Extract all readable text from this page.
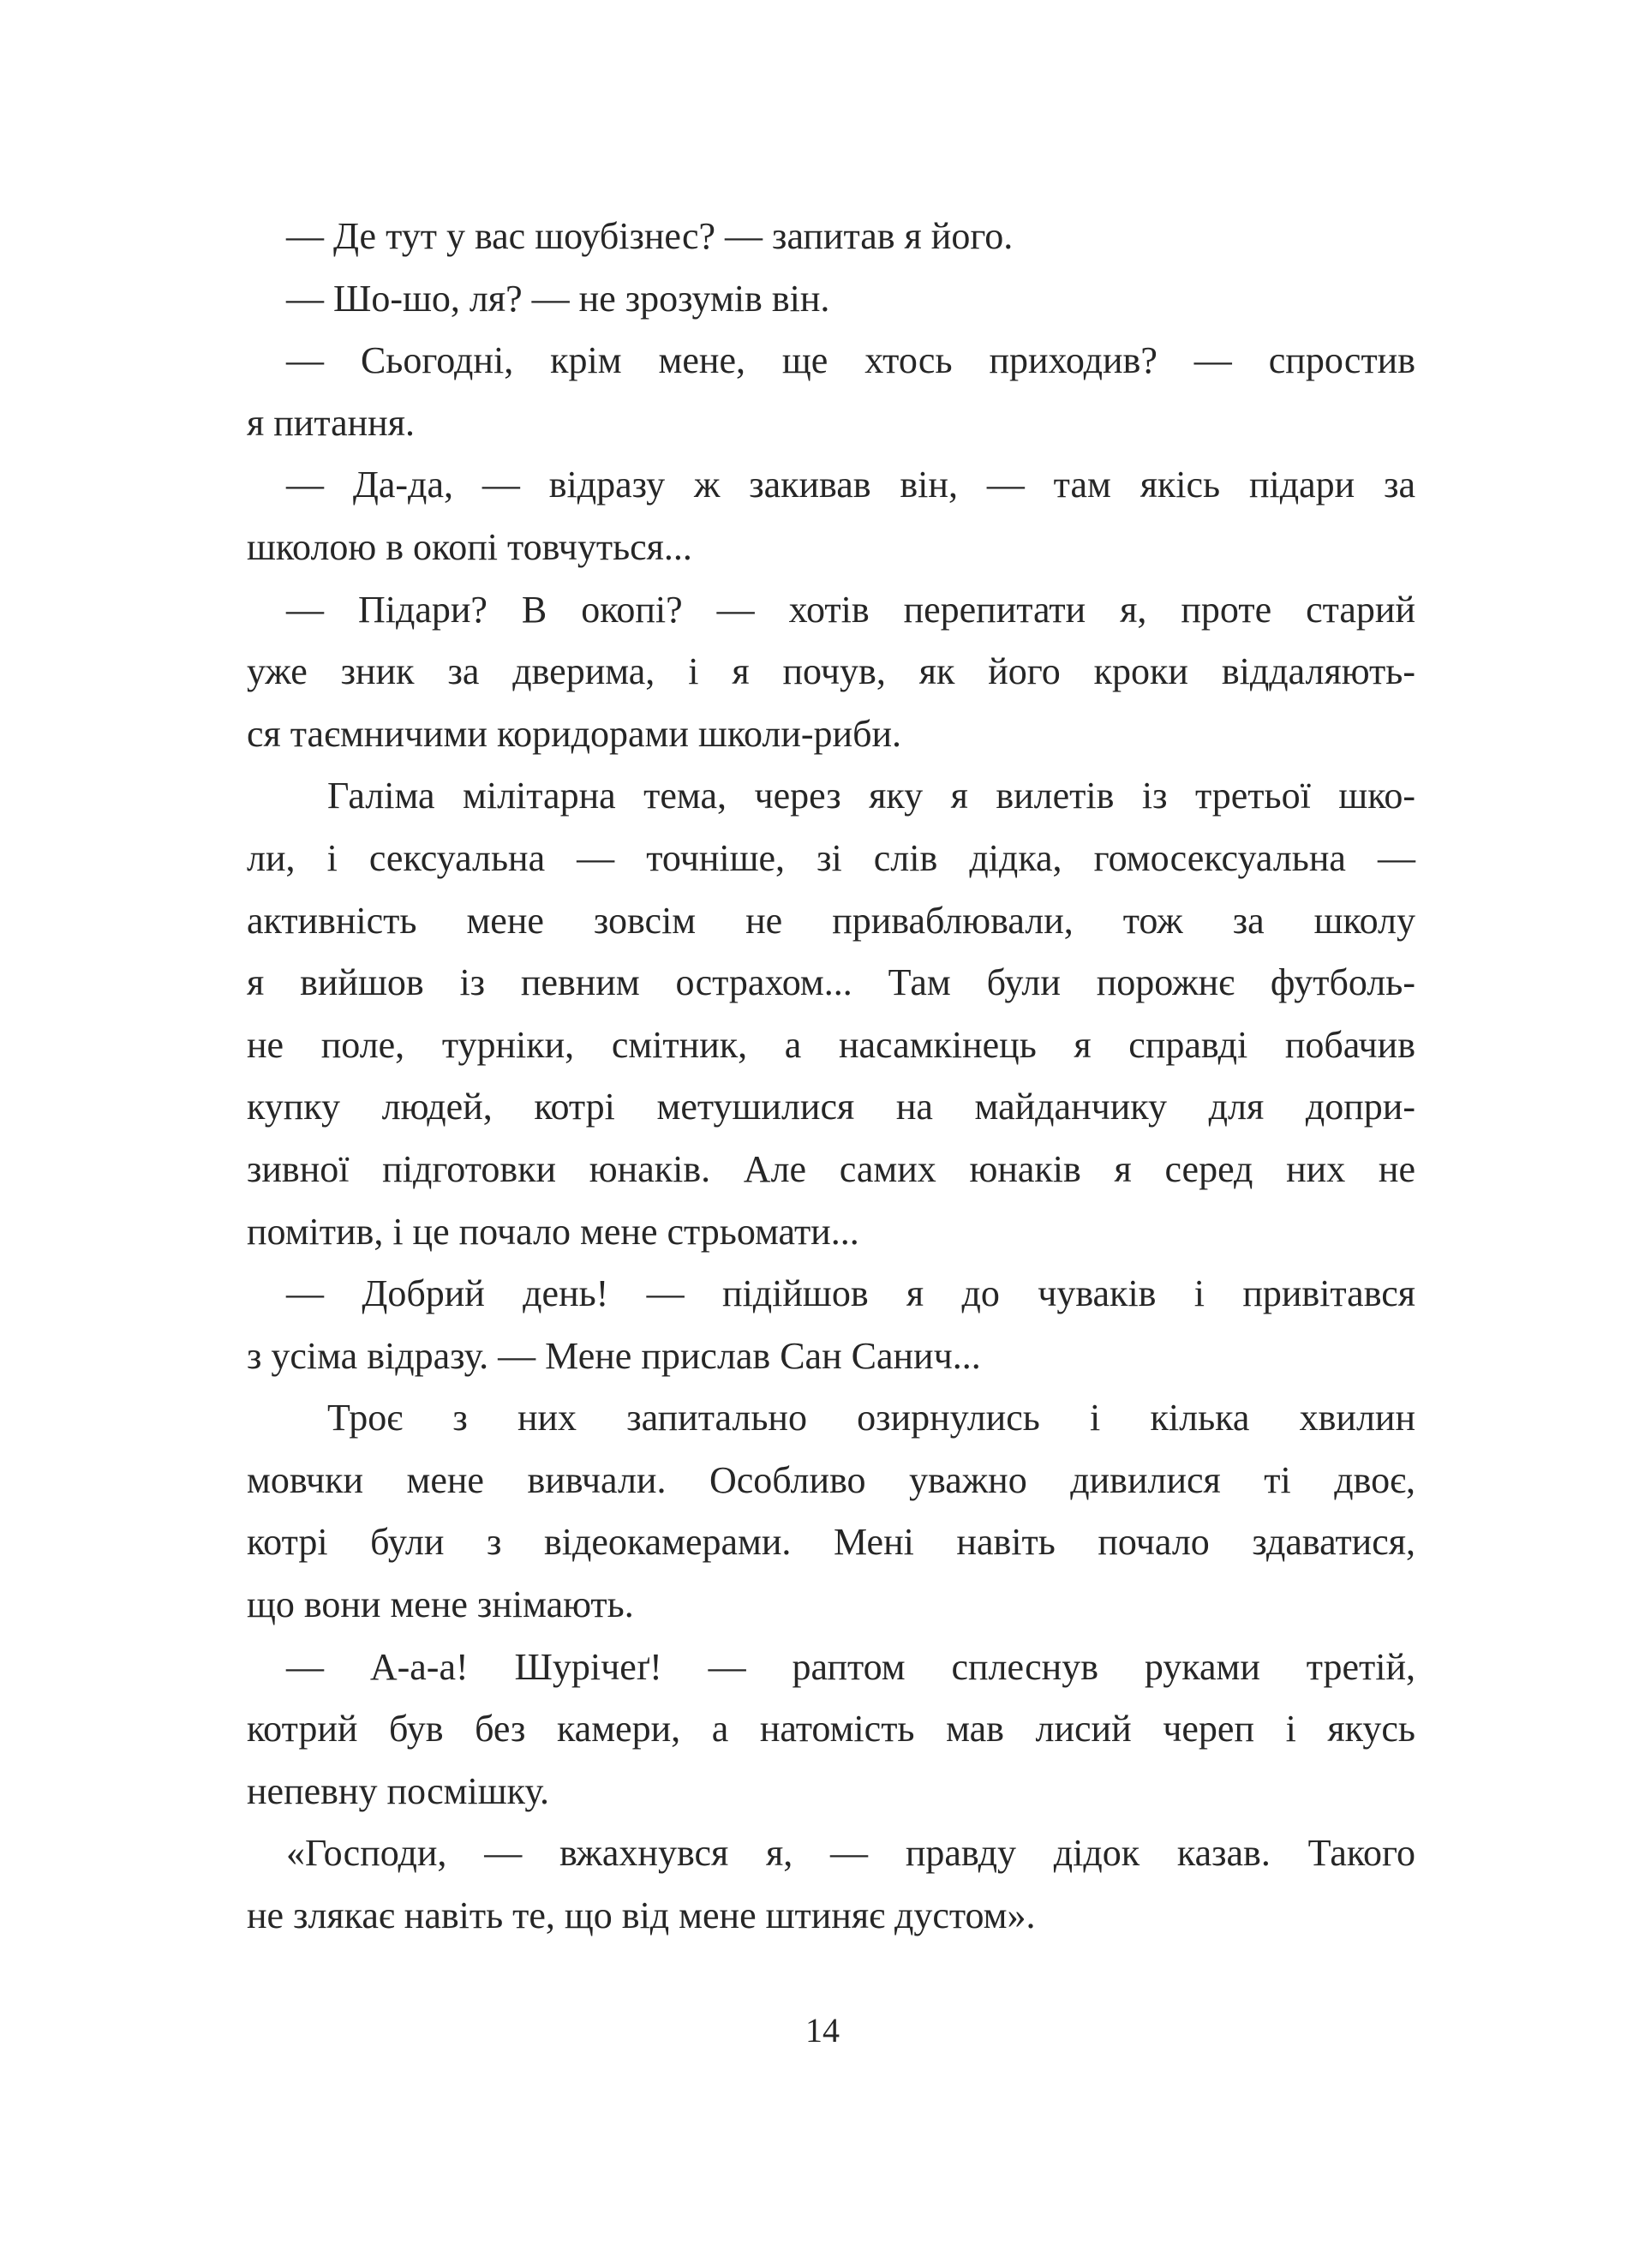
— Де тут у вас шоубізнес? — запитав я його.
— Шо-шо, ля? — не зрозумів він.
— Сьогодні, крім мене, ще хтось приходив? — спростив
я питання.
— Да-да, — відразу ж закивав він, — там якісь підари за
школою в окопі товчуться...
— Підари? В окопі? — хотів перепитати я, проте старий
уже зник за дверима, і я почув, як його кроки віддаляють-
ся таємничими коридорами школи-риби.
Галіма мілітарна тема, через яку я вилетів із третьої шко-
ли, і сексуальна — точніше, зі слів дідка, гомосексуальна —
активність мене зовсім не приваблювали, тож за школу
я вийшов із певним острахом... Там були порожнє футболь-
не поле, турніки, смітник, а насамкінець я справді побачив
купку людей, котрі метушилися на майданчику для допри-
зивної підготовки юнаків. Але самих юнаків я серед них не
помітив, і це почало мене стрьомати...
— Добрий день! — підійшов я до чуваків і привітався
з усіма відразу. — Мене прислав Сан Санич...
Троє з них запитально озирнулись і кілька хвилин
мовчки мене вивчали. Особливо уважно дивилися ті двоє,
котрі були з відеокамерами. Мені навіть почало здаватися,
що вони мене знімають.
— А-а-а! Шурічеґ! — раптом сплеснув руками третій,
котрий був без камери, а натомість мав лисий череп і якусь
непевну посмішку.
«Господи, — вжахнувся я, — правду дідок казав. Такого
не злякає навіть те, що від мене штиняє дустом».
14
